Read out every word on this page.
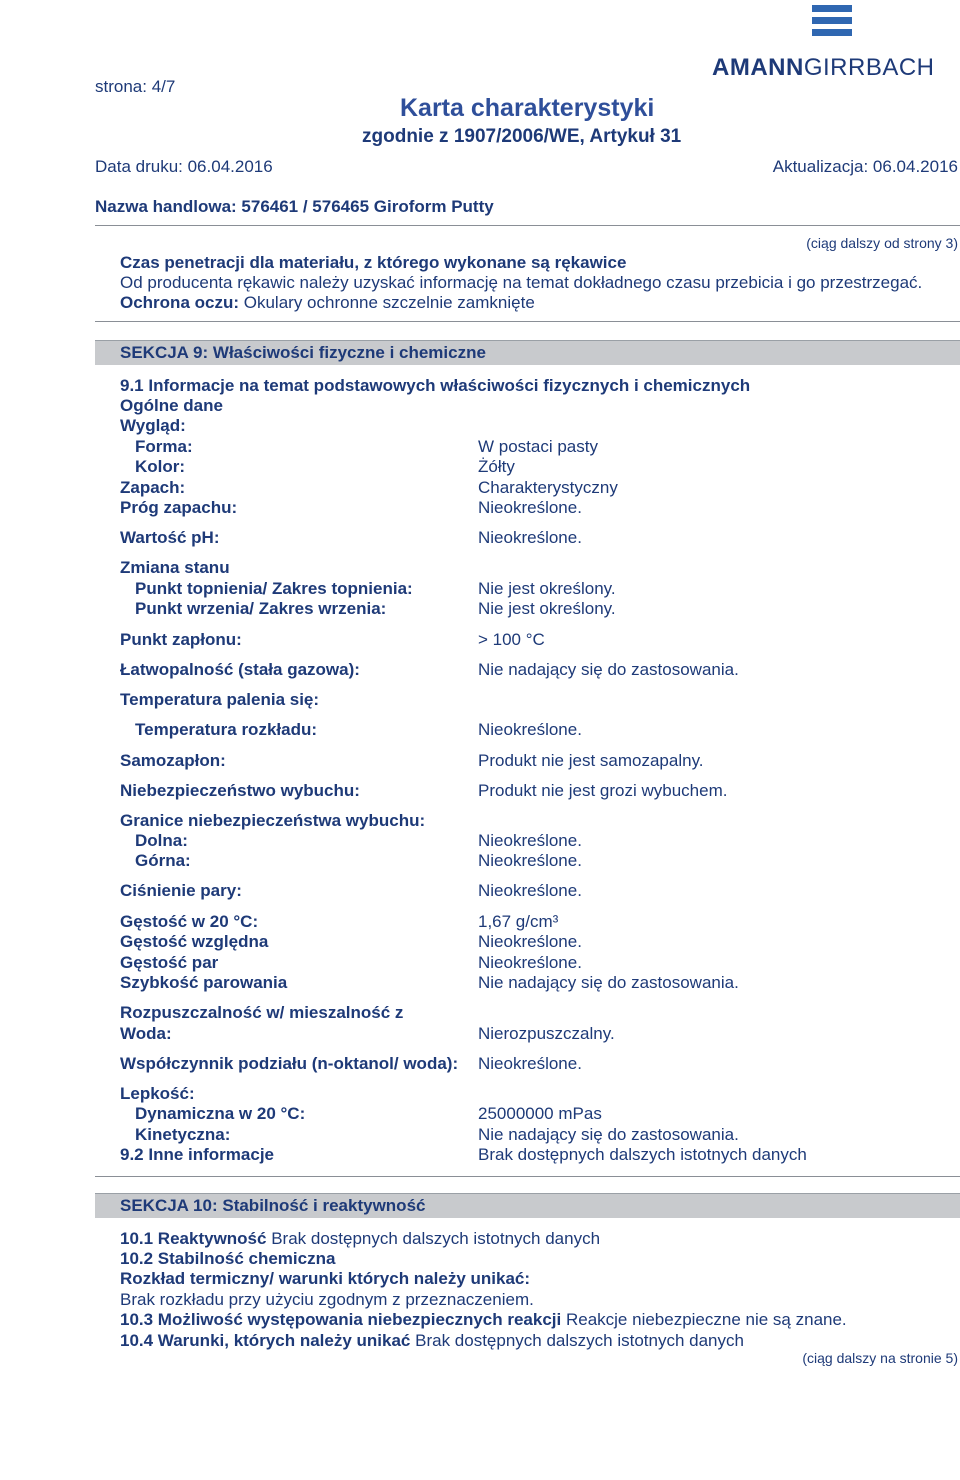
strona: 4/7
AMANNGIRRBACH
Karta charakterystyki
zgodnie z 1907/2006/WE, Artykuł 31
Data druku: 06.04.2016	Aktualizacja: 06.04.2016
Nazwa handlowa: 576461 / 576465 Giroform Putty
(ciąg dalszy od strony 3)
Czas penetracji dla materiału, z którego wykonane są rękawice
Od producenta rękawic należy uzyskać informację na temat dokładnego czasu przebicia i go przestrzegać.
Ochrona oczu: Okulary ochronne szczelnie zamknięte
SEKCJA 9: Właściwości fizyczne i chemiczne
9.1 Informacje na temat podstawowych właściwości fizycznych i chemicznych
Ogólne dane
Wygląd:
Forma:	W postaci pasty
Kolor:	Żółty
Zapach:	Charakterystyczny
Próg zapachu:	Nieokreślone.
Wartość pH:	Nieokreślone.
Zmiana stanu
Punkt topnienia/ Zakres topnienia:	Nie jest określony.
Punkt wrzenia/ Zakres wrzenia:	Nie jest określony.
Punkt zapłonu:	> 100 °C
Łatwopalność (stała gazowa):	Nie nadający się do zastosowania.
Temperatura palenia się:
Temperatura rozkładu:	Nieokreślone.
Samozapłon:	Produkt nie jest samozapalny.
Niebezpieczeństwo wybuchu:	Produkt nie jest grozi wybuchem.
Granice niebezpieczeństwa wybuchu:
Dolna:	Nieokreślone.
Górna:	Nieokreślone.
Ciśnienie pary:	Nieokreślone.
Gęstość w 20 °C:	1,67 g/cm³
Gęstość względna	Nieokreślone.
Gęstość par	Nieokreślone.
Szybkość parowania	Nie nadający się do zastosowania.
Rozpuszczalność w/ mieszalność z
Woda:	Nierozpuszczalny.
Współczynnik podziału (n-oktanol/ woda): Nieokreślone.
Lepkość:
Dynamiczna w 20 °C:	25000000 mPas
Kinetyczna:	Nie nadający się do zastosowania.
9.2 Inne informacje	Brak dostępnych dalszych istotnych danych
SEKCJA 10: Stabilność i reaktywność
10.1 Reaktywność Brak dostępnych dalszych istotnych danych
10.2 Stabilność chemiczna
Rozkład termiczny/ warunki których należy unikać:
Brak rozkładu przy użyciu zgodnym z przeznaczeniem.
10.3 Możliwość występowania niebezpiecznych reakcji Reakcje niebezpieczne nie są znane.
10.4 Warunki, których należy unikać Brak dostępnych dalszych istotnych danych
(ciąg dalszy na stronie 5)
